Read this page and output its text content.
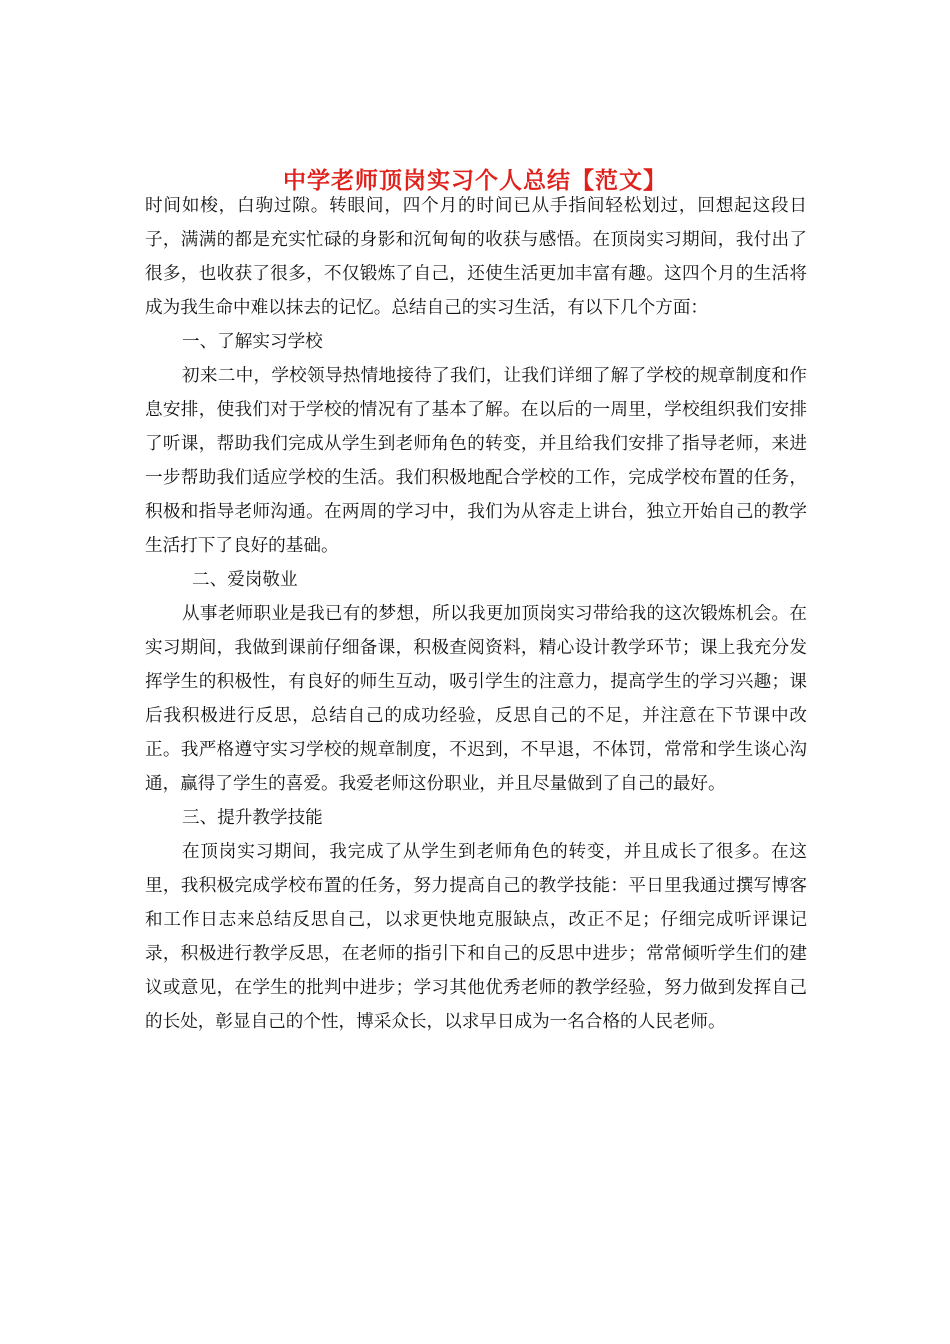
中学老师顶岗实习个人总结【范文】

时间如梭，白驹过隙。转眼间，四个月的时间已从手指间轻松划过，回想起这段日子，满满的都是充实忙碌的身影和沉甸甸的收获与感悟。在顶岗实习期间，我付出了很多，也收获了很多，不仅锻炼了自己，还使生活更加丰富有趣。这四个月的生活将成为我生命中难以抹去的记忆。总结自己的实习生活，有以下几个方面：

一、了解实习学校

初来二中，学校领导热情地接待了我们，让我们详细了解了学校的规章制度和作息安排，使我们对于学校的情况有了基本了解。在以后的一周里，学校组织我们安排了听课，帮助我们完成从学生到老师角色的转变，并且给我们安排了指导老师，来进一步帮助我们适应学校的生活。我们积极地配合学校的工作，完成学校布置的任务，积极和指导老师沟通。在两周的学习中，我们为从容走上讲台，独立开始自己的教学生活打下了良好的基础。

二、爱岗敬业

从事老师职业是我已有的梦想，所以我更加顶岗实习带给我的这次锻炼机会。在实习期间，我做到课前仔细备课，积极查阅资料，精心设计教学环节；课上我充分发挥学生的积极性，有良好的师生互动，吸引学生的注意力，提高学生的学习兴趣；课后我积极进行反思，总结自己的成功经验，反思自己的不足，并注意在下节课中改正。我严格遵守实习学校的规章制度，不迟到，不早退，不体罚，常常和学生谈心沟通，赢得了学生的喜爱。我爱老师这份职业，并且尽量做到了自己的最好。

三、提升教学技能

在顶岗实习期间，我完成了从学生到老师角色的转变，并且成长了很多。在这里，我积极完成学校布置的任务，努力提高自己的教学技能：平日里我通过撰写博客和工作日志来总结反思自己，以求更快地克服缺点，改正不足；仔细完成听评课记录，积极进行教学反思，在老师的指引下和自己的反思中进步；常常倾听学生们的建议或意见，在学生的批判中进步；学习其他优秀老师的教学经验，努力做到发挥自己的长处，彰显自己的个性，博采众长，以求早日成为一名合格的人民老师。
